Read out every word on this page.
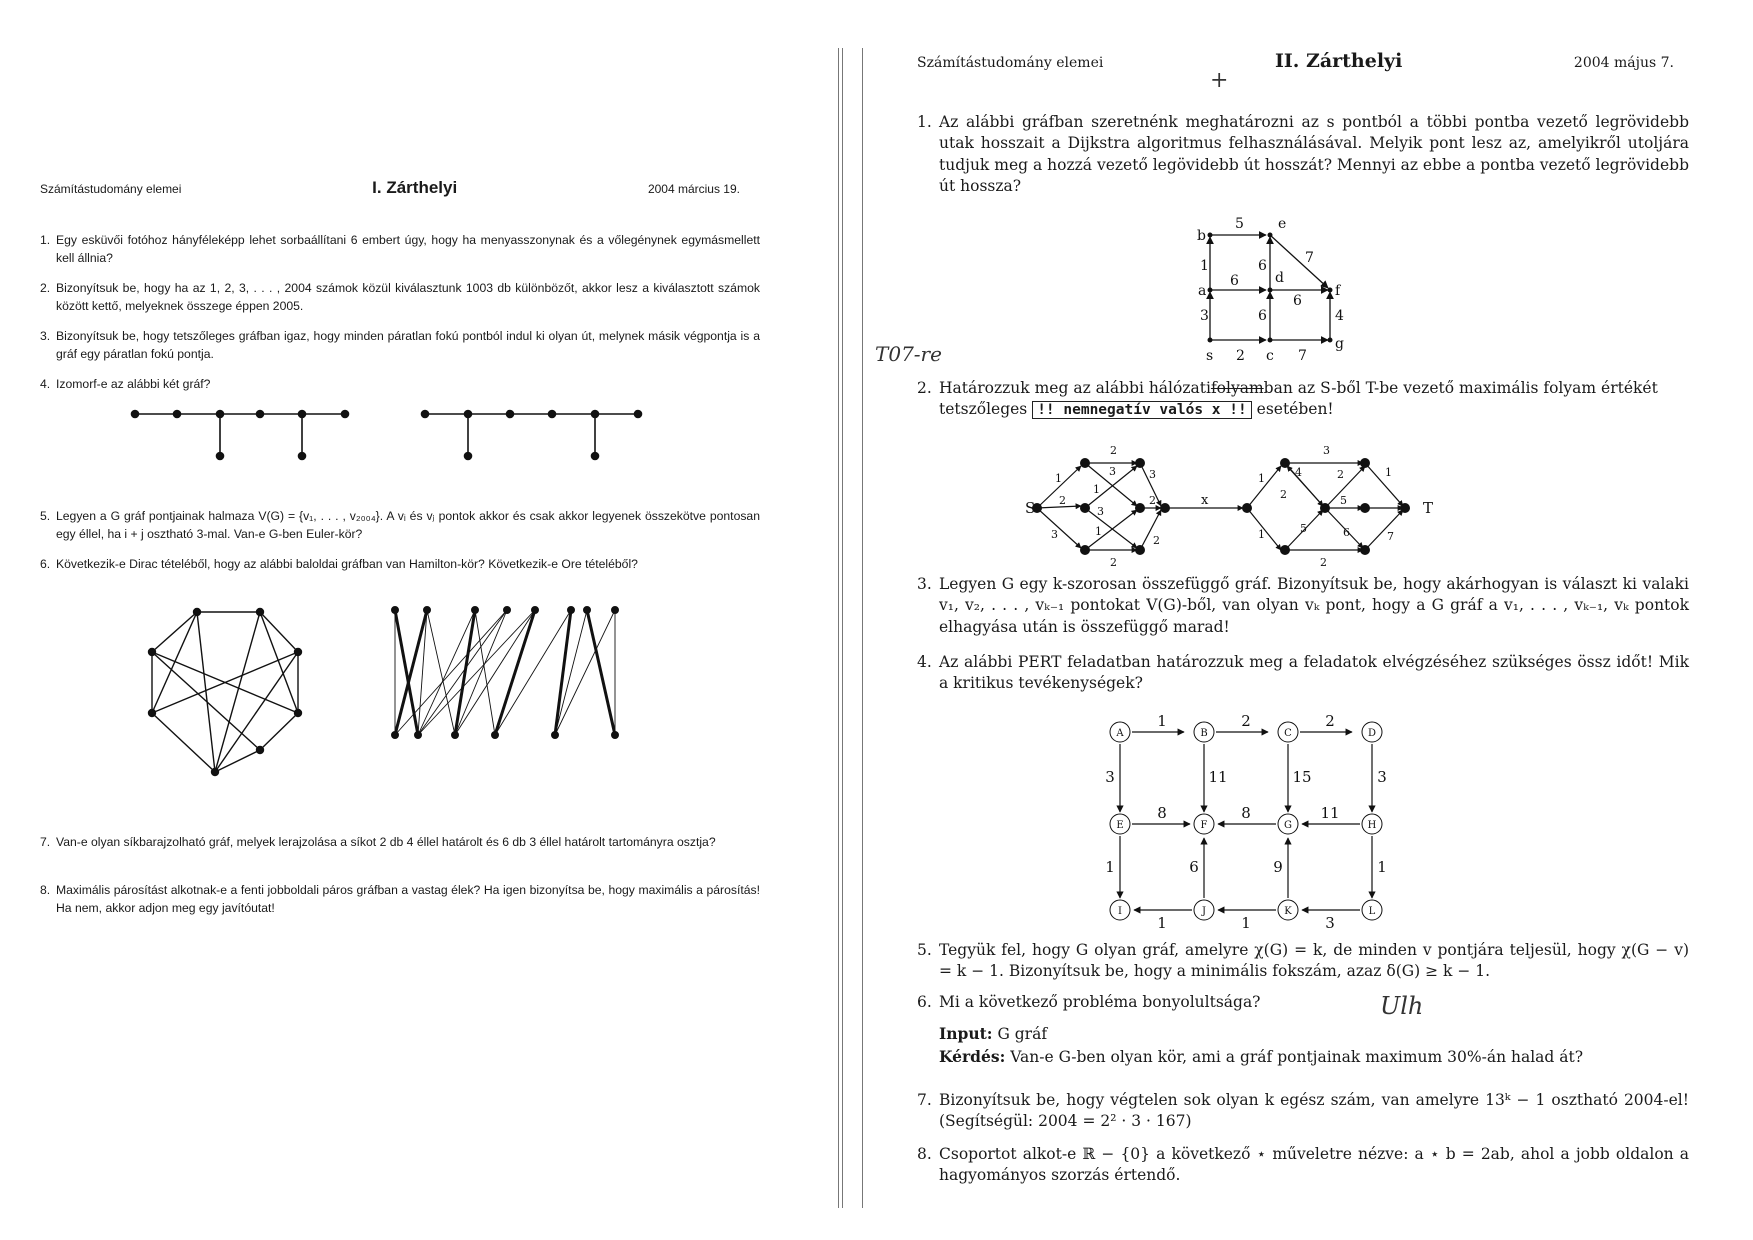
Számítástudomány elemei	I. Zárthelyi	2004 március 19.
1. Egy esküvői fotóhoz hányféleképp lehet sorbaállítani 6 embert úgy, hogy ha menyasszonynak és a vőlegénynek egymásmellett kell állnia?
2. Bizonyítsuk be, hogy ha az 1, 2, 3, . . . , 2004 számok közül kiválasztunk 1003 db különbözőt, akkor lesz a kiválasztott számok között kettő, melyeknek összege éppen 2005.
3. Bizonyítsuk be, hogy tetszőleges gráfban igaz, hogy minden páratlan fokú pontból indul ki olyan út, melynek másik végpontja is a gráf egy páratlan fokú pontja.
4. Izomorf-e az alábbi két gráf?
5. Legyen a G gráf pontjainak halmaza V(G) = {v₁, . . . , v₂₀₀₄}. A vᵢ és vⱼ pontok akkor és csak akkor legyenek összekötve pontosan egy éllel, ha i + j osztható 3-mal. Van-e G-ben Euler-kör?
6. Következik-e Dirac tételéből, hogy az alábbi baloldai gráfban van Hamilton-kör? Következik-e Ore tételéből?
7. Van-e olyan síkbarajzolható gráf, melyek lerajzolása a síkot 2 db 4 éllel határolt és 6 db 3 éllel határolt tartományra osztja?
8. Maximális párosítást alkotnak-e a fenti jobboldali páros gráfban a vastag élek? Ha igen bizonyítsa be, hogy maximális a párosítás! Ha nem, akkor adjon meg egy javítóutat!
Számítástudomány elemei	II. Zárthelyi	2004 május 7.
1. Az alábbi gráfban szeretnénk meghatározni az s pontból a többi pontba vezető legrövidebb utak hosszait a Dijkstra algoritmus felhasználásával. Melyik pont lesz az, amelyikről utoljára tudjuk meg a hozzá vezető legövidebb út hosszát? Mennyi az ebbe a pontba vezető legrövidebb út hossza?
b
e
a	f
s	c
g
5
7
1	6
6	d
6
3	6	4
2	7
+
T07-re
2. Határozzuk meg az alábbi hálózatifolyamban az S-ből T-be vezető maximális folyam értékét
tetszőleges !! nemnegatív valós x !! esetében!
S	T
x
2
1
3
1
2
3
3
2
1
2
2
3
3
1	4	2	1
2	5
5
1	6	7
2
3. Legyen G egy k-szorosan összefüggő gráf. Bizonyítsuk be, hogy akárhogyan is választ ki valaki v₁, v₂, . . . , vₖ₋₁ pontokat V(G)-ből, van olyan vₖ pont, hogy a G gráf a v₁, . . . , vₖ₋₁, vₖ pontok elhagyása után is összefüggő marad!
4. Az alábbi PERT feladatban határozzuk meg a feladatok elvégzéséhez szükséges össz időt! Mik a kritikus tevékenységek?
A	B	C	D
E	F	G	H
I	J	K	L
1	2	2
3	11	15	3
8	8	11
1	6	9	1
1	1	3
5. Tegyük fel, hogy G olyan gráf, amelyre χ(G) = k, de minden v pontjára teljesül, hogy χ(G − v) = k − 1. Bizonyítsuk be, hogy a minimális fokszám, azaz δ(G) ≥ k − 1.
6. Mi a következő probléma bonyolultsága?
Input: G gráf
Kérdés: Van-e G-ben olyan kör, ami a gráf pontjainak maximum 30%-án halad át?
Ulh
7. Bizonyítsuk be, hogy végtelen sok olyan k egész szám, van amelyre 13ᵏ − 1 osztható 2004-el! (Segítségül: 2004 = 2² · 3 · 167)
8. Csoportot alkot-e ℝ − {0} a következő ⋆ műveletre nézve: a ⋆ b = 2ab, ahol a jobb oldalon a hagyományos szorzás értendő.
